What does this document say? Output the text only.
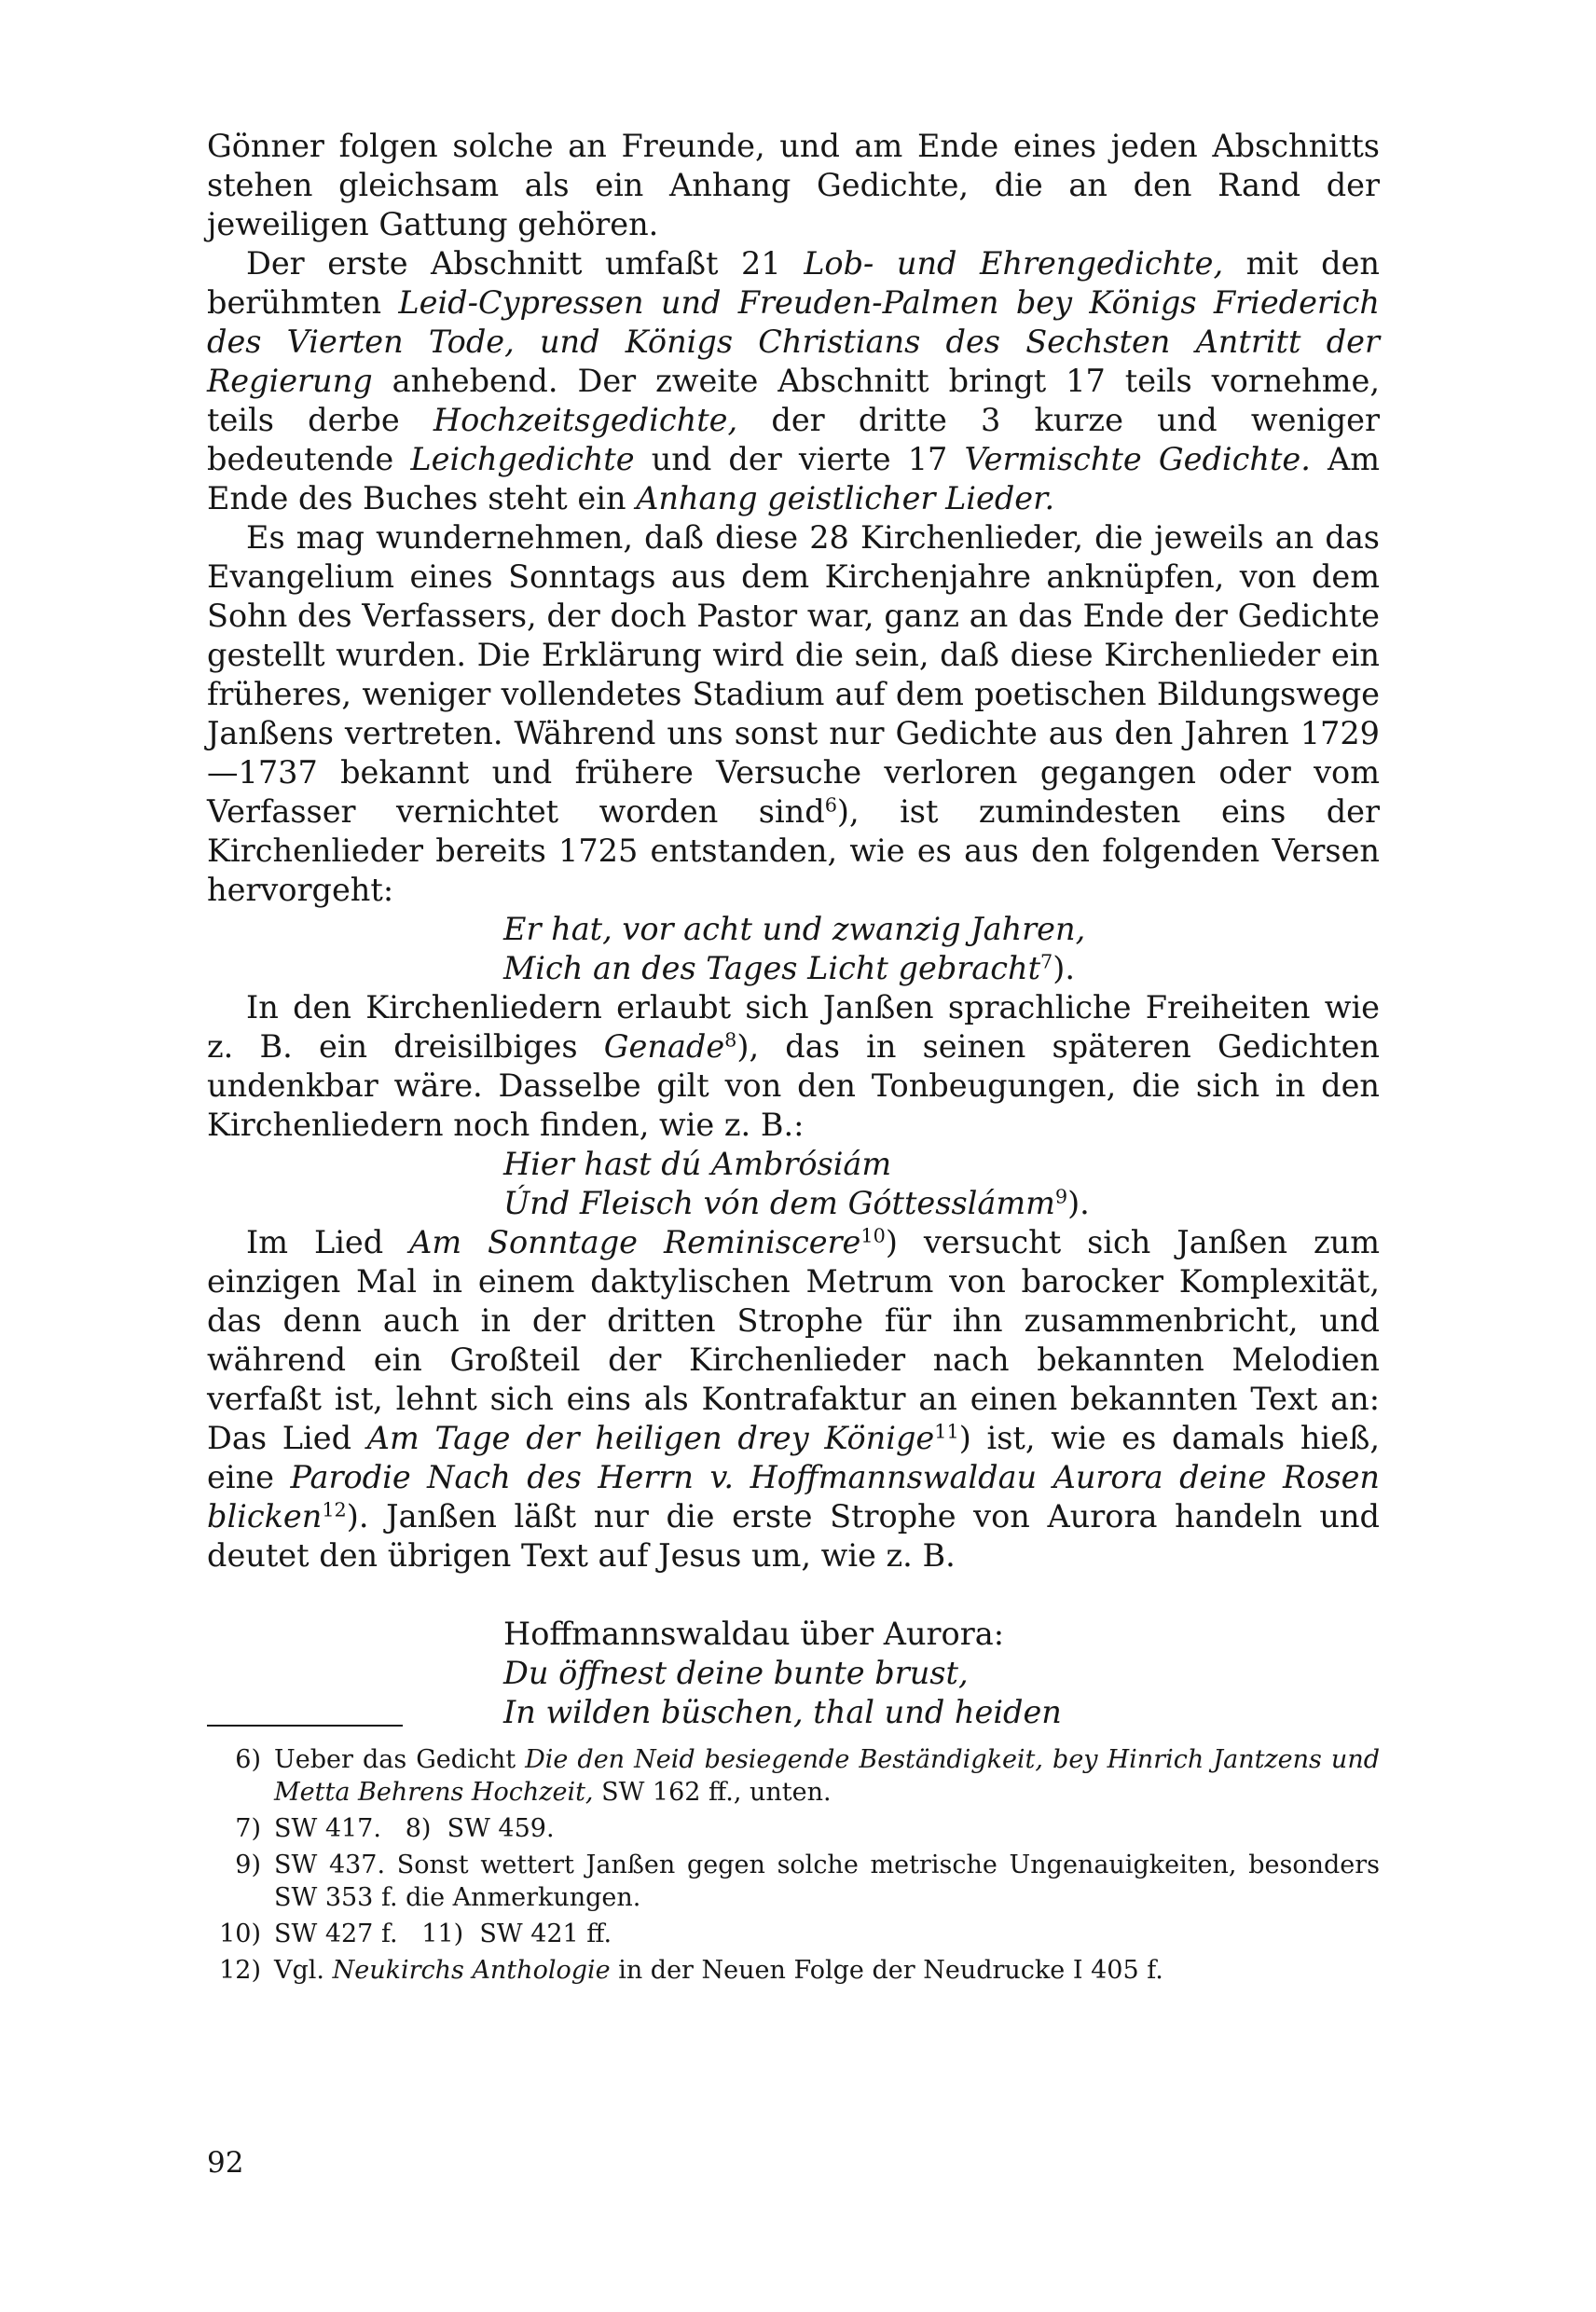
Gönner folgen solche an Freunde, und am Ende eines jeden Abschnitts stehen gleichsam als ein Anhang Gedichte, die an den Rand der jeweiligen Gattung gehören.

Der erste Abschnitt umfaßt 21 Lob- und Ehrengedichte, mit den berühmten Leid-Cypressen und Freuden-Palmen bey Königs Friederich des Vierten Tode, und Königs Christians des Sechsten Antritt der Regierung anhebend. Der zweite Abschnitt bringt 17 teils vornehme, teils derbe Hochzeitsgedichte, der dritte 3 kurze und weniger bedeutende Leichgedichte und der vierte 17 Vermischte Gedichte. Am Ende des Buches steht ein Anhang geistlicher Lieder.

Es mag wundernehmen, daß diese 28 Kirchenlieder, die jeweils an das Evangelium eines Sonntags aus dem Kirchenjahre anknüpfen, von dem Sohn des Verfassers, der doch Pastor war, ganz an das Ende der Gedichte gestellt wurden. Die Erklärung wird die sein, daß diese Kirchenlieder ein früheres, weniger vollendetes Stadium auf dem poetischen Bildungswege Janßens vertreten. Während uns sonst nur Gedichte aus den Jahren 1729—1737 bekannt und frühere Versuche verloren gegangen oder vom Verfasser vernichtet worden sind$^6$), ist zumindesten eins der Kirchenlieder bereits 1725 entstanden, wie es aus den folgenden Versen hervorgeht:

Er hat, vor acht und zwanzig Jahren,
Mich an des Tages Licht gebracht$^7$).

In den Kirchenliedern erlaubt sich Janßen sprachliche Freiheiten wie z. B. ein dreisilbiges Genade$^8$), das in seinen späteren Gedichten undenkbar wäre. Dasselbe gilt von den Tonbeugungen, die sich in den Kirchenliedern noch finden, wie z. B.:

Hier hast dú Ambrósiám
Únd Fleisch vón dem Góttesslámm$^9$).

Im Lied Am Sonntage Reminiscere$^{10}$) versucht sich Janßen zum einzigen Mal in einem daktylischen Metrum von barocker Komplexität, das denn auch in der dritten Strophe für ihn zusammenbricht, und während ein Großteil der Kirchenlieder nach bekannten Melodien verfaßt ist, lehnt sich eins als Kontrafaktur an einen bekannten Text an: Das Lied Am Tage der heiligen drey Könige$^{11}$) ist, wie es damals hieß, eine Parodie Nach des Herrn v. Hoffmannswaldau Aurora deine Rosen blicken$^{12}$). Janßen läßt nur die erste Strophe von Aurora handeln und deutet den übrigen Text auf Jesus um, wie z. B.

Hoffmannswaldau über Aurora:
Du öffnest deine bunte brust,
In wilden büschen, thal und heiden
6) Ueber das Gedicht Die den Neid besiegende Beständigkeit, bey Hinrich Jantzens und Metta Behrens Hochzeit, SW 162 ff., unten.
7) SW 417.   8)  SW 459.
9) SW 437. Sonst wettert Janßen gegen solche metrische Ungenauigkeiten, besonders SW 353 f. die Anmerkungen.
10) SW 427 f.   11)  SW 421 ff.
12) Vgl. Neukirchs Anthologie in der Neuen Folge der Neudrucke I 405 f.
92
